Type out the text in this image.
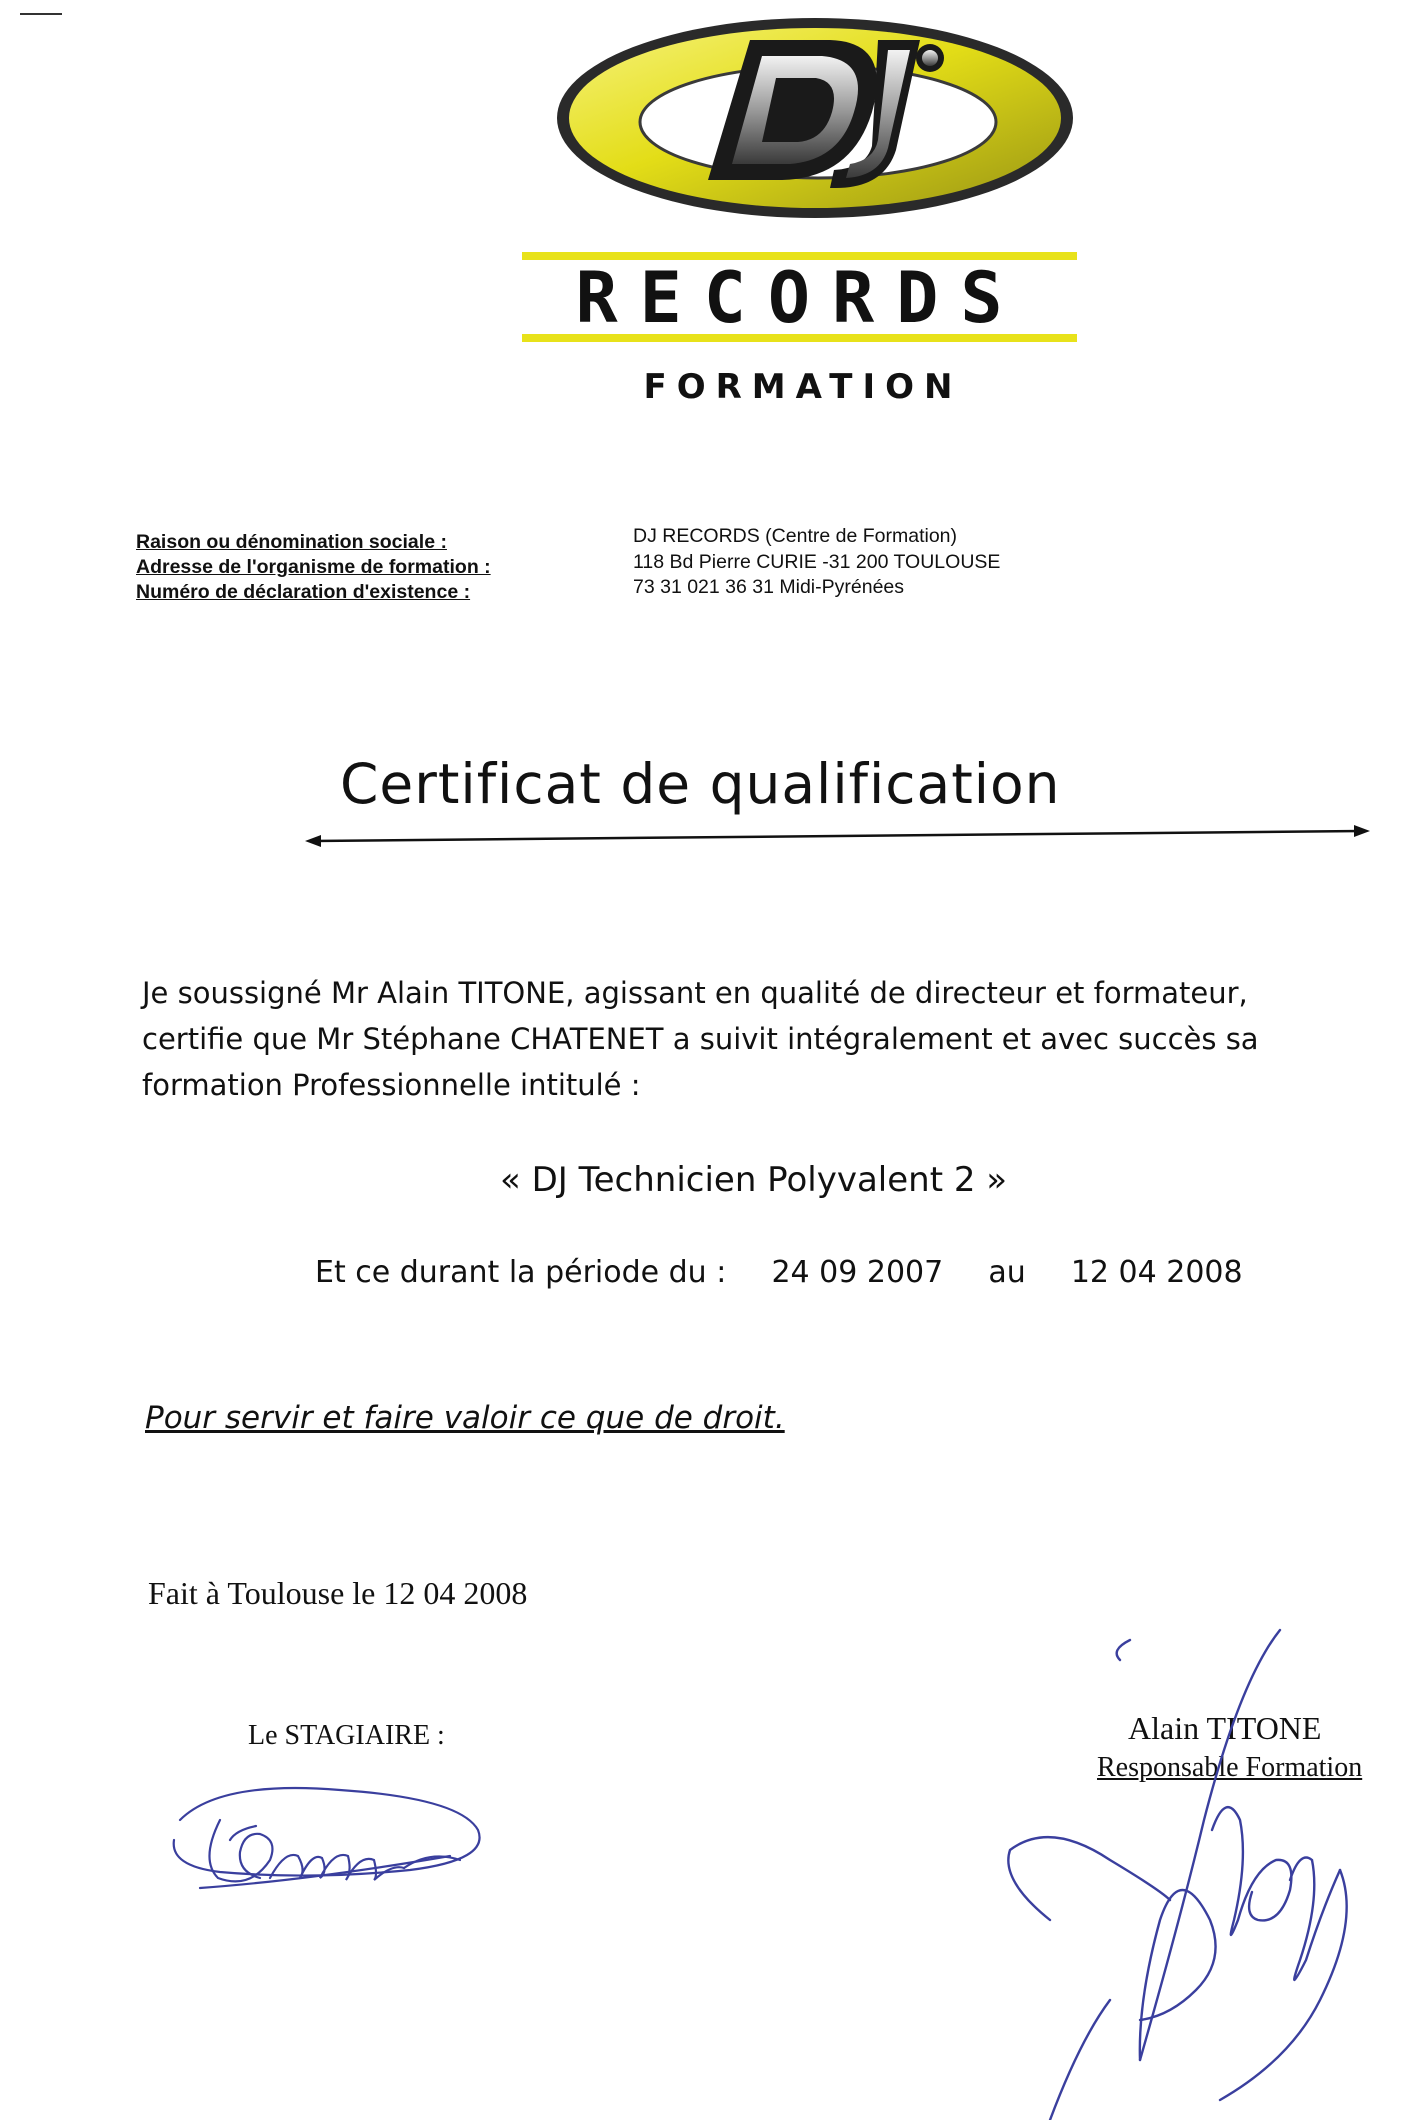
RECORDS
FORMATION
Raison ou dénomination sociale :
Adresse de l'organisme de formation :
Numéro de déclaration d'existence :
DJ RECORDS (Centre de Formation)
118 Bd Pierre CURIE -31 200 TOULOUSE
73 31 021 36 31 Midi-Pyrénées
Certificat de qualification
Je soussigné Mr Alain TITONE, agissant en qualité de directeur et formateur,
certifie que Mr Stéphane CHATENET a suivit intégralement et avec succès sa
formation Professionnelle intitulé :
« DJ Technicien Polyvalent 2 »
Et ce durant la période du : 24 09 2007 au 12 04 2008
Pour servir et faire valoir ce que de droit.
Fait à Toulouse le 12 04 2008
Le STAGIAIRE :	Alain TITONE
Responsable Formation
